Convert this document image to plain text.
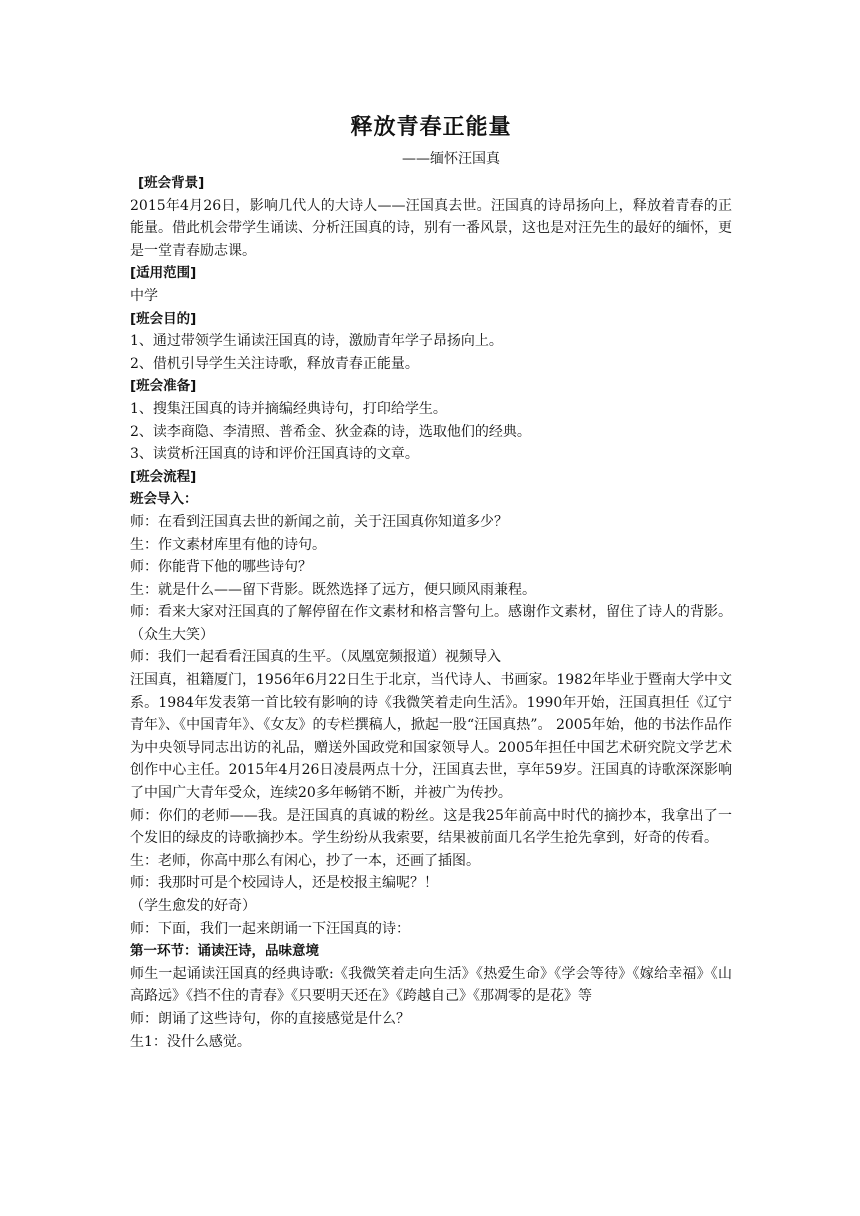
释放青春正能量
——缅怀汪国真

[班会背景]

2015年4月26日，影响几代人的大诗人——汪国真去世。汪国真的诗昂扬向上，释放着青春的正能量。借此机会带学生诵读、分析汪国真的诗，别有一番风景，这也是对汪先生的最好的缅怀，更是一堂青春励志课。

[适用范围]

中学

[班会目的]

1、通过带领学生诵读汪国真的诗，激励青年学子昂扬向上。

2、借机引导学生关注诗歌，释放青春正能量。

[班会准备]

1、搜集汪国真的诗并摘编经典诗句，打印给学生。

2、读李商隐、李清照、普希金、狄金森的诗，选取他们的经典。

3、读赏析汪国真的诗和评价汪国真诗的文章。

[班会流程]

班会导入：

师：在看到汪国真去世的新闻之前，关于汪国真你知道多少？

生：作文素材库里有他的诗句。

师：你能背下他的哪些诗句？

生：就是什么——留下背影。既然选择了远方，便只顾风雨兼程。

师：看来大家对汪国真的了解停留在作文素材和格言警句上。感谢作文素材，留住了诗人的背影。（众生大笑）

师：我们一起看看汪国真的生平。（凤凰宽频报道）视频导入

汪国真，祖籍厦门，1956年6月22日生于北京，当代诗人、书画家。1982年毕业于暨南大学中文系。1984年发表第一首比较有影响的诗《我微笑着走向生活》。1990年开始，汪国真担任《辽宁青年》、《中国青年》、《女友》的专栏撰稿人，掀起一股“汪国真热”。 2005年始，他的书法作品作为中央领导同志出访的礼品，赠送外国政党和国家领导人。2005年担任中国艺术研究院文学艺术创作中心主任。2015年4月26日凌晨两点十分，汪国真去世，享年59岁。汪国真的诗歌深深影响了中国广大青年受众，连续20多年畅销不断，并被广为传抄。

师：你们的老师——我。是汪国真的真诚的粉丝。这是我25年前高中时代的摘抄本，我拿出了一个发旧的绿皮的诗歌摘抄本。学生纷纷从我索要，结果被前面几名学生抢先拿到，好奇的传看。

生：老师，你高中那么有闲心，抄了一本，还画了插图。

师：我那时可是个校园诗人，还是校报主编呢？！

（学生愈发的好奇）

师：下面，我们一起来朗诵一下汪国真的诗：

第一环节：诵读汪诗，品味意境

师生一起诵读汪国真的经典诗歌:《我微笑着走向生活》《热爱生命》《学会等待》《嫁给幸福》《山高路远》《挡不住的青春》《只要明天还在》《跨越自己》《那凋零的是花》等

师：朗诵了这些诗句，你的直接感觉是什么？

生1：没什么感觉。
